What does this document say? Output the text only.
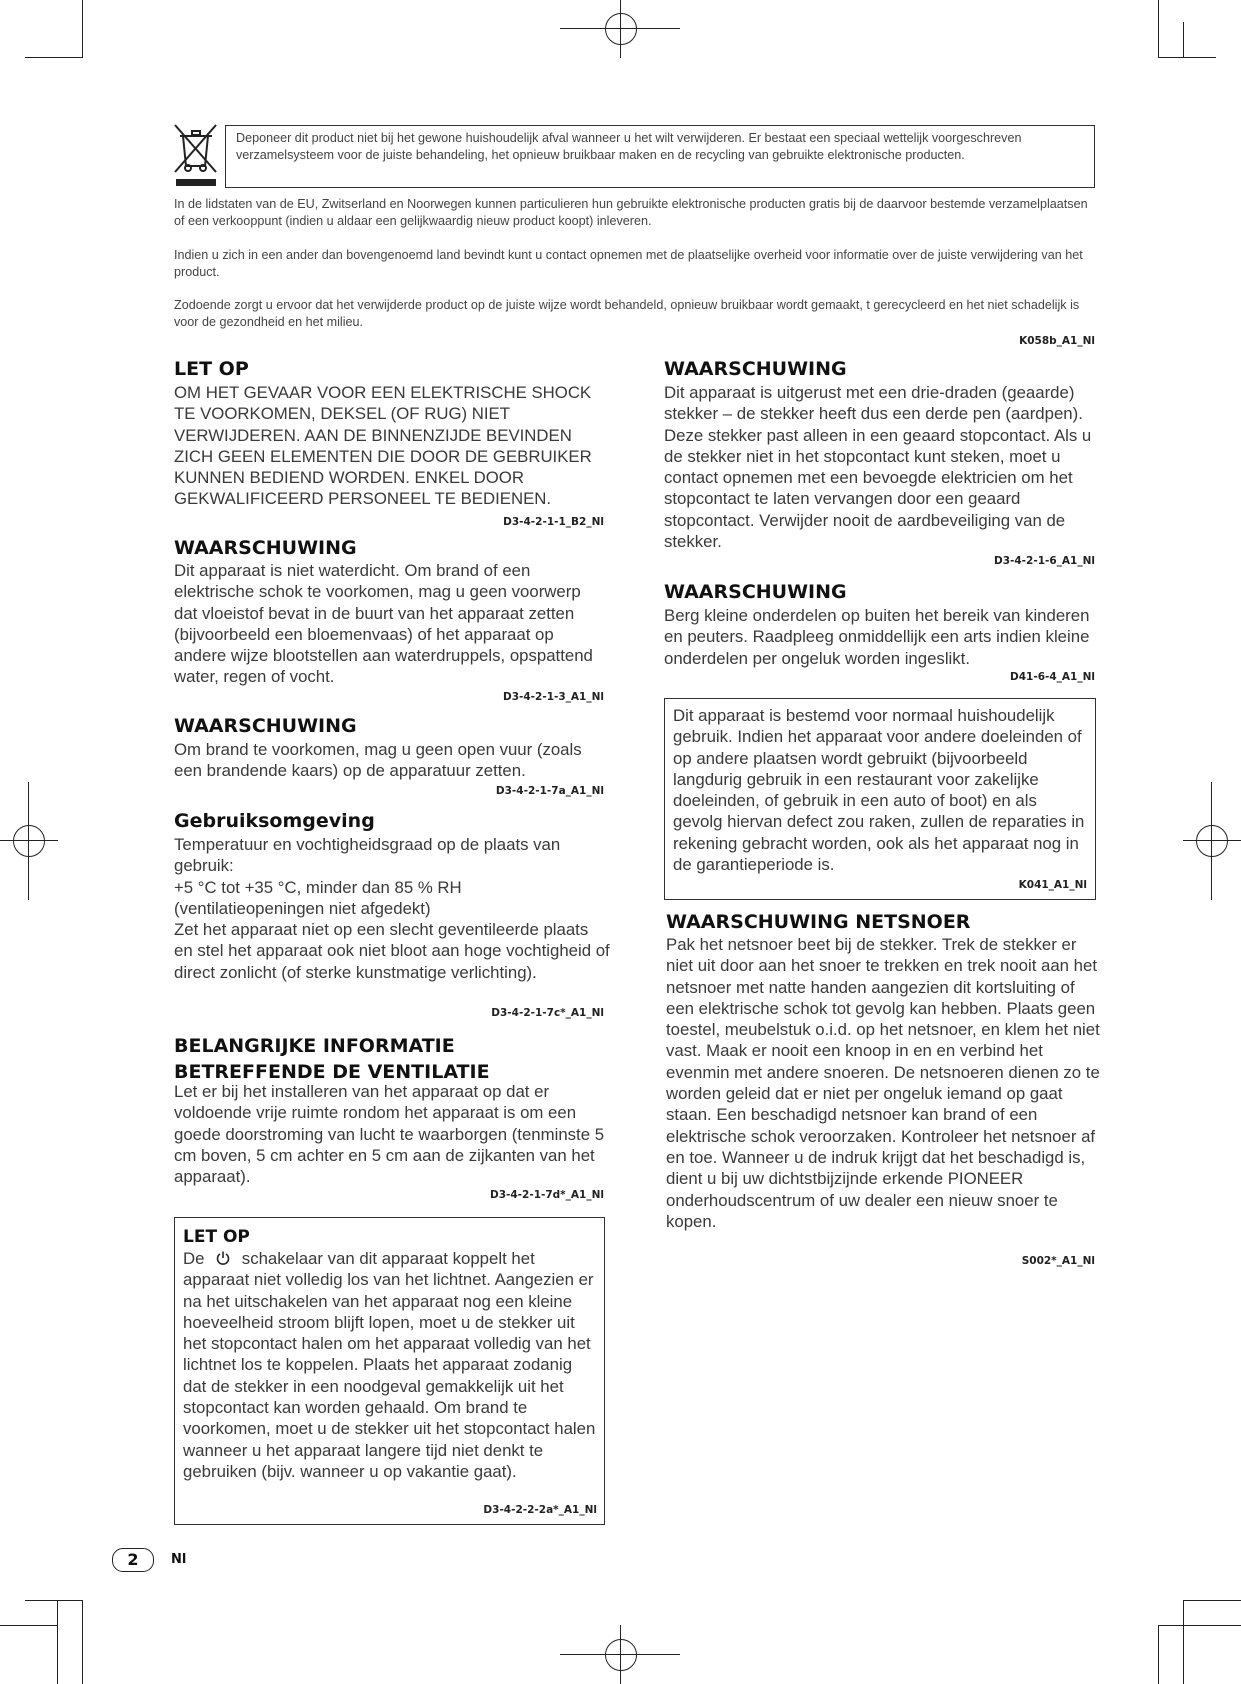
Deponeer dit product niet bij het gewone huishoudelijk afval wanneer u het wilt verwijderen. Er bestaat een speciaal wettelijk voorgeschreven verzamelsysteem voor de juiste behandeling, het opnieuw bruikbaar maken en de recycling van gebruikte elektronische producten.
In de lidstaten van de EU, Zwitserland en Noorwegen kunnen particulieren hun gebruikte elektronische producten gratis bij de daarvoor bestemde verzamelplaatsen of een verkooppunt (indien u aldaar een gelijkwaardig nieuw product koopt) inleveren.
Indien u zich in een ander dan bovengenoemd land bevindt kunt u contact opnemen met de plaatselijke overheid voor informatie over de juiste verwijdering van het product.
Zodoende zorgt u ervoor dat het verwijderde product op de juiste wijze wordt behandeld, opnieuw bruikbaar wordt gemaakt, t gerecycleerd en het niet schadelijk is voor de gezondheid en het milieu.
K058b_A1_Nl
LET OP
OM HET GEVAAR VOOR EEN ELEKTRISCHE SHOCK TE VOORKOMEN, DEKSEL (OF RUG) NIET VERWIJDEREN. AAN DE BINNENZIJDE BEVINDEN ZICH GEEN ELEMENTEN DIE DOOR DE GEBRUIKER KUNNEN BEDIEND WORDEN. ENKEL DOOR GEKWALIFICEERD PERSONEEL TE BEDIENEN.
D3-4-2-1-1_B2_Nl
WAARSCHUWING
Dit apparaat is niet waterdicht. Om brand of een elektrische schok te voorkomen, mag u geen voorwerp dat vloeistof bevat in de buurt van het apparaat zetten (bijvoorbeeld een bloemenvaas) of het apparaat op andere wijze blootstellen aan waterdruppels, opspattend water, regen of vocht.
D3-4-2-1-3_A1_Nl
WAARSCHUWING
Om brand te voorkomen, mag u geen open vuur (zoals een brandende kaars) op de apparatuur zetten.
D3-4-2-1-7a_A1_Nl
Gebruiksomgeving
Temperatuur en vochtigheidsgraad op de plaats van gebruik:
+5 °C tot +35 °C, minder dan 85 % RH (ventilatieopeningen niet afgedekt)
Zet het apparaat niet op een slecht geventileerde plaats en stel het apparaat ook niet bloot aan hoge vochtigheid of direct zonlicht (of sterke kunstmatige verlichting).
D3-4-2-1-7c*_A1_Nl
BELANGRIJKE INFORMATIE BETREFFENDE DE VENTILATIE
Let er bij het installeren van het apparaat op dat er voldoende vrije ruimte rondom het apparaat is om een goede doorstroming van lucht te waarborgen (tenminste 5 cm boven, 5 cm achter en 5 cm aan de zijkanten van het apparaat).
D3-4-2-1-7d*_A1_Nl
LET OP
De schakelaar van dit apparaat koppelt het apparaat niet volledig los van het lichtnet. Aangezien er na het uitschakelen van het apparaat nog een kleine hoeveelheid stroom blijft lopen, moet u de stekker uit het stopcontact halen om het apparaat volledig van het lichtnet los te koppelen. Plaats het apparaat zodanig dat de stekker in een noodgeval gemakkelijk uit het stopcontact kan worden gehaald. Om brand te voorkomen, moet u de stekker uit het stopcontact halen wanneer u het apparaat langere tijd niet denkt te gebruiken (bijv. wanneer u op vakantie gaat).
D3-4-2-2-2a*_A1_Nl
WAARSCHUWING
Dit apparaat is uitgerust met een drie-draden (geaarde) stekker – de stekker heeft dus een derde pen (aardpen). Deze stekker past alleen in een geaard stopcontact. Als u de stekker niet in het stopcontact kunt steken, moet u contact opnemen met een bevoegde elektricien om het stopcontact te laten vervangen door een geaard stopcontact. Verwijder nooit de aardbeveiliging van de stekker.
D3-4-2-1-6_A1_Nl
WAARSCHUWING
Berg kleine onderdelen op buiten het bereik van kinderen en peuters. Raadpleeg onmiddellijk een arts indien kleine onderdelen per ongeluk worden ingeslikt.
D41-6-4_A1_Nl
Dit apparaat is bestemd voor normaal huishoudelijk gebruik. Indien het apparaat voor andere doeleinden of op andere plaatsen wordt gebruikt (bijvoorbeeld langdurig gebruik in een restaurant voor zakelijke doeleinden, of gebruik in een auto of boot) en als gevolg hiervan defect zou raken, zullen de reparaties in rekening gebracht worden, ook als het apparaat nog in de garantieperiode is.
K041_A1_Nl
WAARSCHUWING NETSNOER
Pak het netsnoer beet bij de stekker. Trek de stekker er niet uit door aan het snoer te trekken en trek nooit aan het netsnoer met natte handen aangezien dit kortsluiting of een elektrische schok tot gevolg kan hebben. Plaats geen toestel, meubelstuk o.i.d. op het netsnoer, en klem het niet vast. Maak er nooit een knoop in en en verbind het evenmin met andere snoeren. De netsnoeren dienen zo te worden geleid dat er niet per ongeluk iemand op gaat staan. Een beschadigd netsnoer kan brand of een elektrische schok veroorzaken. Kontroleer het netsnoer af en toe. Wanneer u de indruk krijgt dat het beschadigd is, dient u bij uw dichtstbijzijnde erkende PIONEER onderhoudscentrum of uw dealer een nieuw snoer te kopen.
S002*_A1_Nl
2	Nl
